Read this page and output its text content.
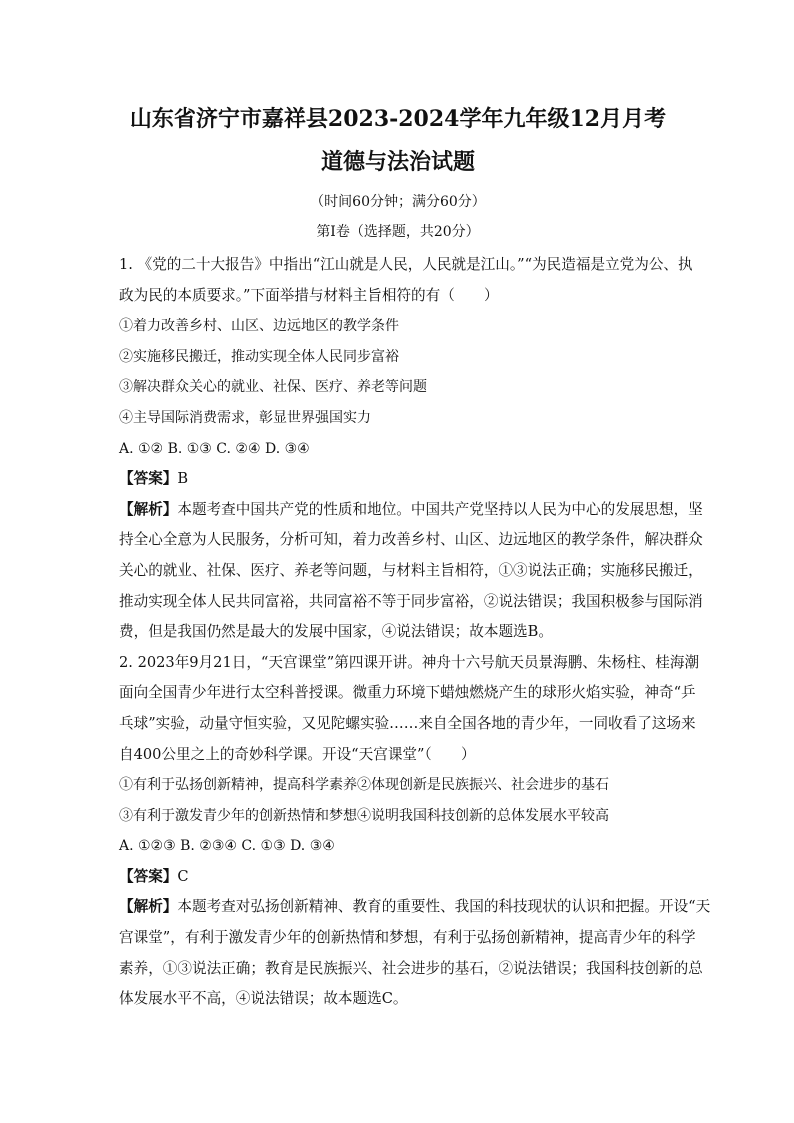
山东省济宁市嘉祥县2023-2024学年九年级12月月考
道德与法治试题

（时间60分钟；满分60分）

第Ⅰ卷（选择题，共20分）

1. 《党的二十大报告》中指出“江山就是人民，人民就是江山。”“为民造福是立党为公、执

政为民的本质要求。”下面举措与材料主旨相符的有（　　）

①着力改善乡村、山区、边远地区的教学条件

②实施移民搬迁，推动实现全体人民同步富裕

③解决群众关心的就业、社保、医疗、养老等问题

④主导国际消费需求，彰显世界强国实力

A. ①② B. ①③ C. ②④ D. ③④

【答案】B

【解析】本题考查中国共产党的性质和地位。中国共产党坚持以人民为中心的发展思想，坚

持全心全意为人民服务，分析可知，着力改善乡村、山区、边远地区的教学条件，解决群众

关心的就业、社保、医疗、养老等问题，与材料主旨相符，①③说法正确；实施移民搬迁，

推动实现全体人民共同富裕，共同富裕不等于同步富裕，②说法错误；我国积极参与国际消

费，但是我国仍然是最大的发展中国家，④说法错误；故本题选B。

2. 2023年9月21日，“天宫课堂”第四课开讲。神舟十六号航天员景海鹏、朱杨柱、桂海潮

面向全国青少年进行太空科普授课。微重力环境下蜡烛燃烧产生的球形火焰实验，神奇“乒

乓球”实验，动量守恒实验，又见陀螺实验……来自全国各地的青少年，一同收看了这场来

自400公里之上的奇妙科学课。开设“天宫课堂”（　　）

①有利于弘扬创新精神，提高科学素养②体现创新是民族振兴、社会进步的基石

③有利于激发青少年的创新热情和梦想④说明我国科技创新的总体发展水平较高

A. ①②③ B. ②③④ C. ①③ D. ③④

【答案】C

【解析】本题考查对弘扬创新精神、教育的重要性、我国的科技现状的认识和把握。开设“天

宫课堂”，有利于激发青少年的创新热情和梦想，有利于弘扬创新精神，提高青少年的科学

素养，①③说法正确；教育是民族振兴、社会进步的基石，②说法错误；我国科技创新的总

体发展水平不高，④说法错误；故本题选C。
